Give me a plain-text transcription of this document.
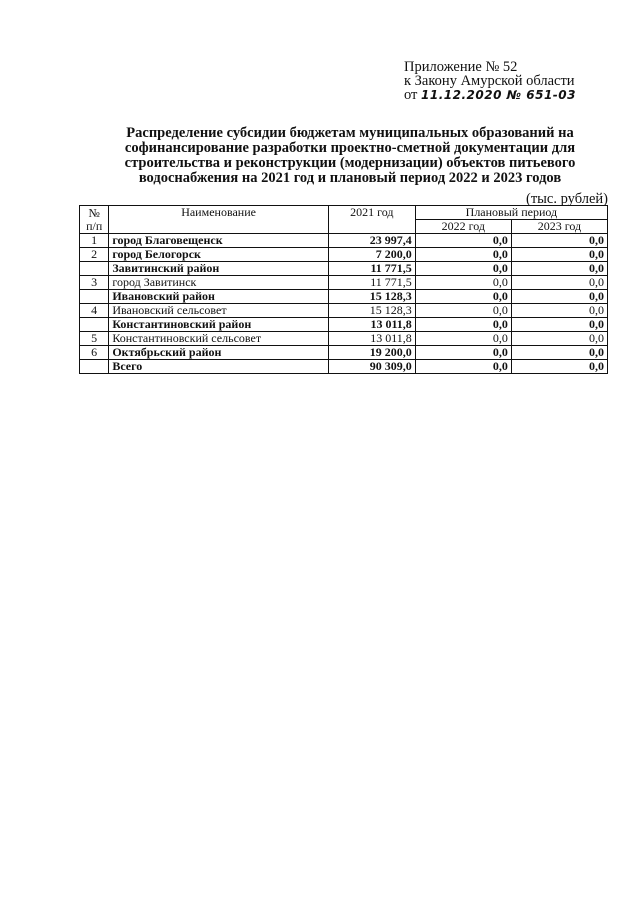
Приложение № 52
к Закону Амурской области
от 11.12.2020 № 651-03
Распределение субсидии бюджетам муниципальных образований на софинансирование разработки проектно-сметной документации для строительства и реконструкции (модернизации) объектов питьевого водоснабжения на 2021 год и плановый период 2022 и 2023 годов
(тыс. рублей)
№
п/п	Наименование	2021 год	Плановый период	
			2022 год	2023 год
1	город Благовещенск	23 997,4	0,0	0,0
2	город Белогорск	7 200,0	0,0	0,0
	Завитинский район	11 771,5	0,0	0,0
3	город Завитинск	11 771,5	0,0	0,0
	Ивановский район	15 128,3	0,0	0,0
4	Ивановский сельсовет	15 128,3	0,0	0,0
	Константиновский район	13 011,8	0,0	0,0
5	Константиновский сельсовет	13 011,8	0,0	0,0
6	Октябрьский район	19 200,0	0,0	0,0
	Всего	90 309,0	0,0	0,0
